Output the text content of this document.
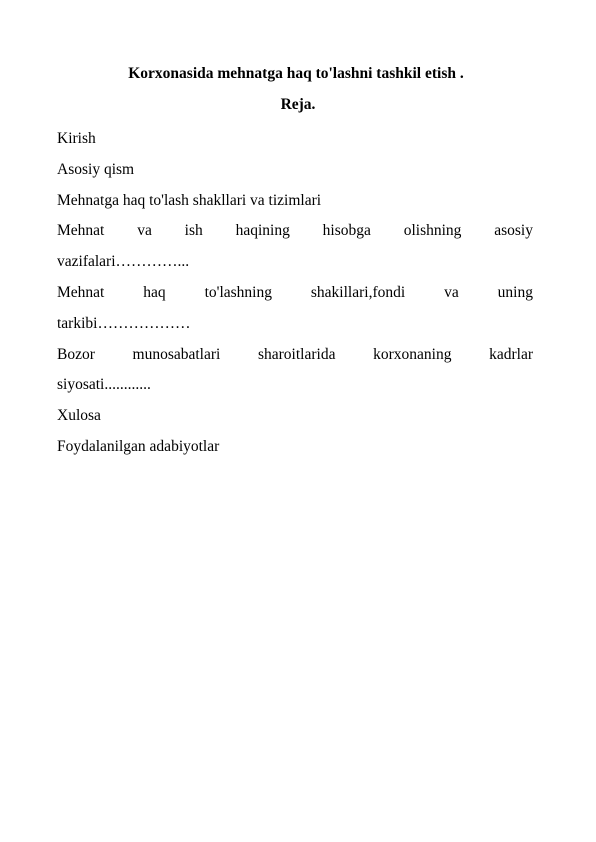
Korxonasida mehnatga haq to'lashni tashkil etish .
Reja.
Kirish
Asosiy qism
Mehnatga haq to'lash shakllari va tizimlari
Mehnat va ish haqining hisobga olishning asosiy
vazifalari…………...
Mehnat	haq	to'lashning	shakillari,fondi	va	uning
tarkibi………………
Bozor munosabatlari sharoitlarida korxonaning kadrlar
siyosati............
Xulosa
Foydalanilgan adabiyotlar
